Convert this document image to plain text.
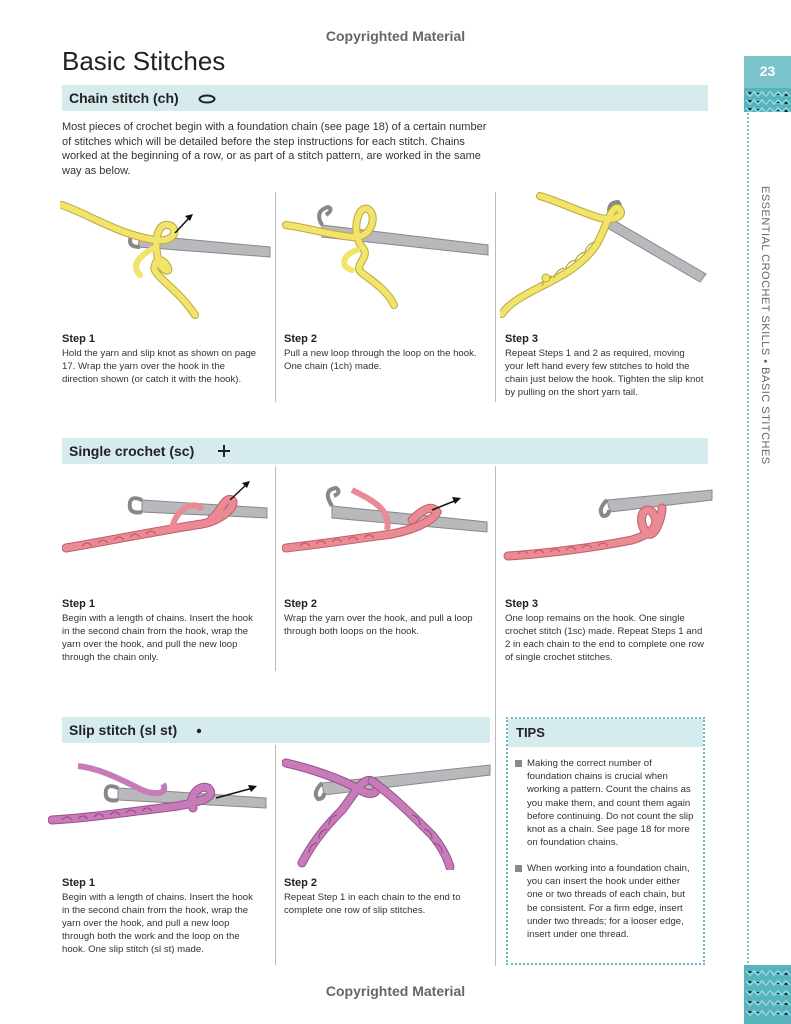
Copyrighted Material
Copyrighted Material
Basic Stitches	23
ESSENTIAL CROCHET SKILLS • BASIC STITCHES
Chain stitch (ch)
Most pieces of crochet begin with a foundation chain (see page 18) of a certain number of stitches which will be detailed before the step instructions for each stitch. Chains worked at the beginning of a row, or as part of a stitch pattern, are worked in the same way as below.
Step 1
Hold the yarn and slip knot as shown on page 17. Wrap the yarn over the hook in the direction shown (or catch it with the hook).
Step 2
Pull a new loop through the loop on the hook. One chain (1ch) made.
Step 3
Repeat Steps 1 and 2 as required, moving your left hand every few stitches to hold the chain just below the hook. Tighten the slip knot by pulling on the short yarn tail.
Single crochet (sc)
Step 1
Begin with a length of chains. Insert the hook in the second chain from the hook, wrap the yarn over the hook, and pull the new loop through the chain only.
Step 2
Wrap the yarn over the hook, and pull a loop through both loops on the hook.
Step 3
One loop remains on the hook. One single crochet stitch (1sc) made. Repeat Steps 1 and 2 in each chain to the end to complete one row of single crochet stitches.
Slip stitch (sl st)
Step 1
Begin with a length of chains. Insert the hook in the second chain from the hook, wrap the yarn over the hook, and pull a new loop through both the work and the loop on the hook. One slip stitch (sl st) made.
Step 2
Repeat Step 1 in each chain to the end to complete one row of slip stitches.
TIPS
Making the correct number of foundation chains is crucial when working a pattern. Count the chains as you make them, and count them again before continuing. Do not count the slip knot as a chain. See page 18 for more on foundation chains.
When working into a foundation chain, you can insert the hook under either one or two threads of each chain, but be consistent. For a firm edge, insert under two threads; for a looser edge, insert under one thread.
